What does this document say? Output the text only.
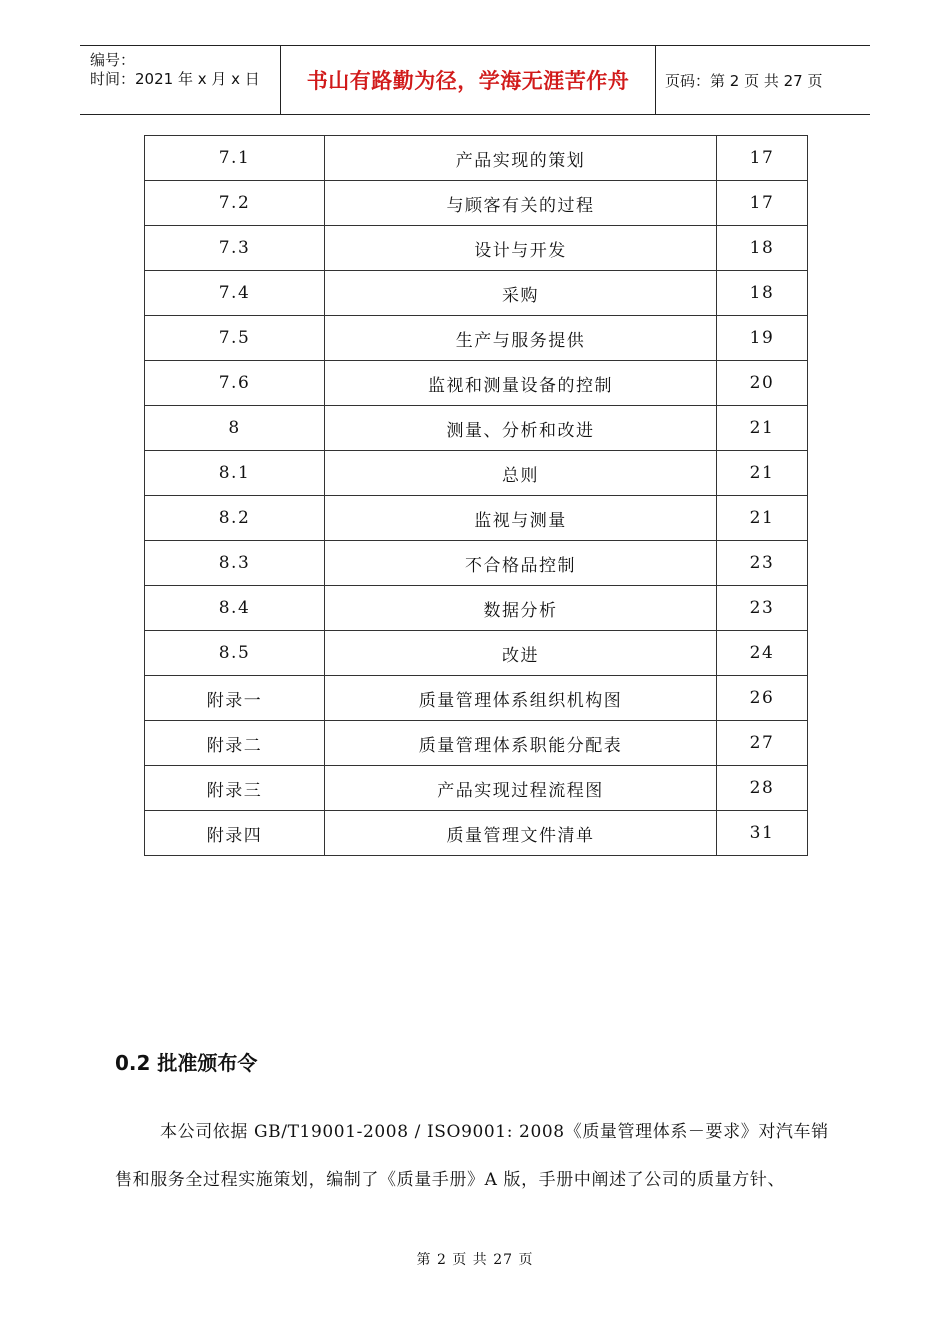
编号：
时间：2021 年 x 月 x 日 书山有路勤为径，学海无涯苦作舟 页码：第 2 页 共 27 页
7.1	产品实现的策划	17
7.2	与顾客有关的过程	17
7.3	设计与开发	18
7.4	采购	18
7.5	生产与服务提供	19
7.6	监视和测量设备的控制	20
8	测量、分析和改进	21
8.1	总则	21
8.2	监视与测量	21
8.3	不合格品控制	23
8.4	数据分析	23
8.5	改进	24
附录一	质量管理体系组织机构图	26
附录二	质量管理体系职能分配表	27
附录三	产品实现过程流程图	28
附录四	质量管理文件清单	31
0.2 批准颁布令

本公司依据 GB/T19001-2008 / ISO9001: 2008《质量管理体系－要求》对汽车销售和服务全过程实施策划，编制了《质量手册》A 版，手册中阐述了公司的质量方针、

第 2 页 共 27 页
